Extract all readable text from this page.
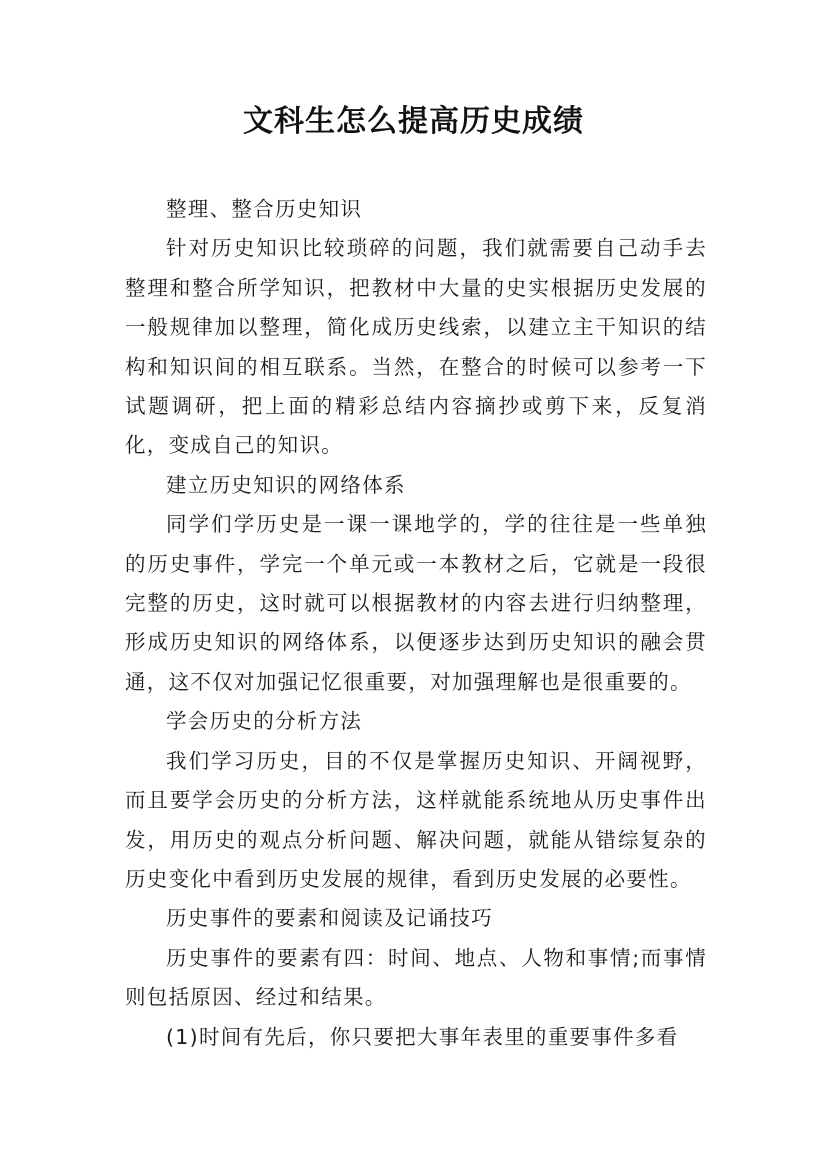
文科生怎么提高历史成绩

整理、整合历史知识

针对历史知识比较琐碎的问题，我们就需要自己动手去整理和整合所学知识，把教材中大量的史实根据历史发展的一般规律加以整理，简化成历史线索，以建立主干知识的结构和知识间的相互联系。当然，在整合的时候可以参考一下试题调研，把上面的精彩总结内容摘抄或剪下来，反复消化，变成自己的知识。

建立历史知识的网络体系

同学们学历史是一课一课地学的，学的往往是一些单独的历史事件，学完一个单元或一本教材之后，它就是一段很完整的历史，这时就可以根据教材的内容去进行归纳整理，形成历史知识的网络体系，以便逐步达到历史知识的融会贯通，这不仅对加强记忆很重要，对加强理解也是很重要的。

学会历史的分析方法

我们学习历史，目的不仅是掌握历史知识、开阔视野，而且要学会历史的分析方法，这样就能系统地从历史事件出发，用历史的观点分析问题、解决问题，就能从错综复杂的历史变化中看到历史发展的规律，看到历史发展的必要性。

历史事件的要素和阅读及记诵技巧

历史事件的要素有四：时间、地点、人物和事情;而事情则包括原因、经过和结果。

(1)时间有先后，你只要把大事年表里的重要事件多看
